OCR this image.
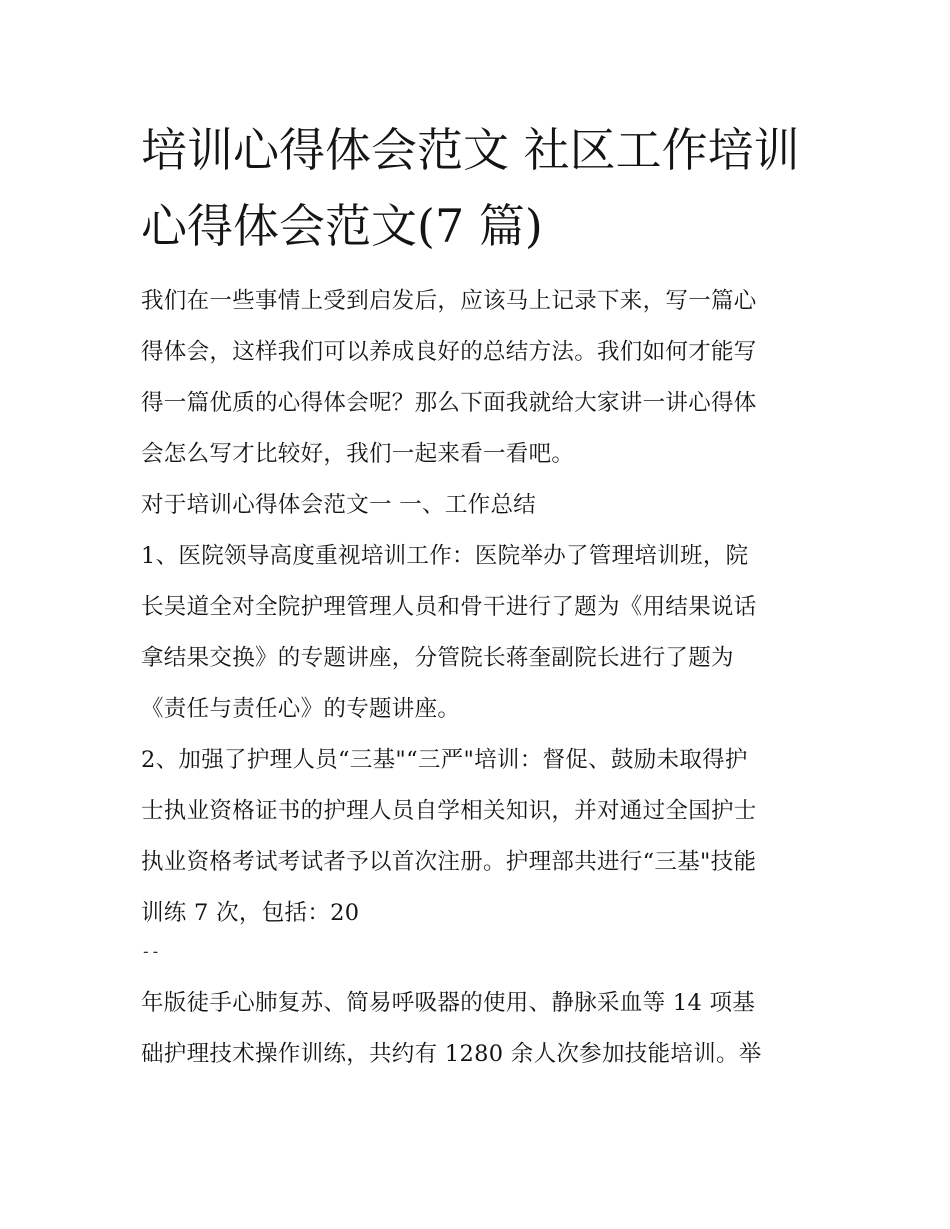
培训心得体会范文 社区工作培训心得体会范文(7 篇)

我们在一些事情上受到启发后，应该马上记录下来，写一篇心

得体会，这样我们可以养成良好的总结方法。我们如何才能写

得一篇优质的心得体会呢？那么下面我就给大家讲一讲心得体

会怎么写才比较好，我们一起来看一看吧。

对于培训心得体会范文一 一、工作总结

1、医院领导高度重视培训工作：医院举办了管理培训班，院

长吴道全对全院护理管理人员和骨干进行了题为《用结果说话

拿结果交换》的专题讲座，分管院长蒋奎副院长进行了题为

《责任与责任心》的专题讲座。

2、加强了护理人员“三基"“三严"培训：督促、鼓励未取得护

士执业资格证书的护理人员自学相关知识，并对通过全国护士

执业资格考试考试者予以首次注册。护理部共进行“三基"技能

训练 7 次，包括：20

--

年版徒手心肺复苏、简易呼吸器的使用、静脉采血等 14 项基

础护理技术操作训练，共约有 1280 余人次参加技能培训。举
